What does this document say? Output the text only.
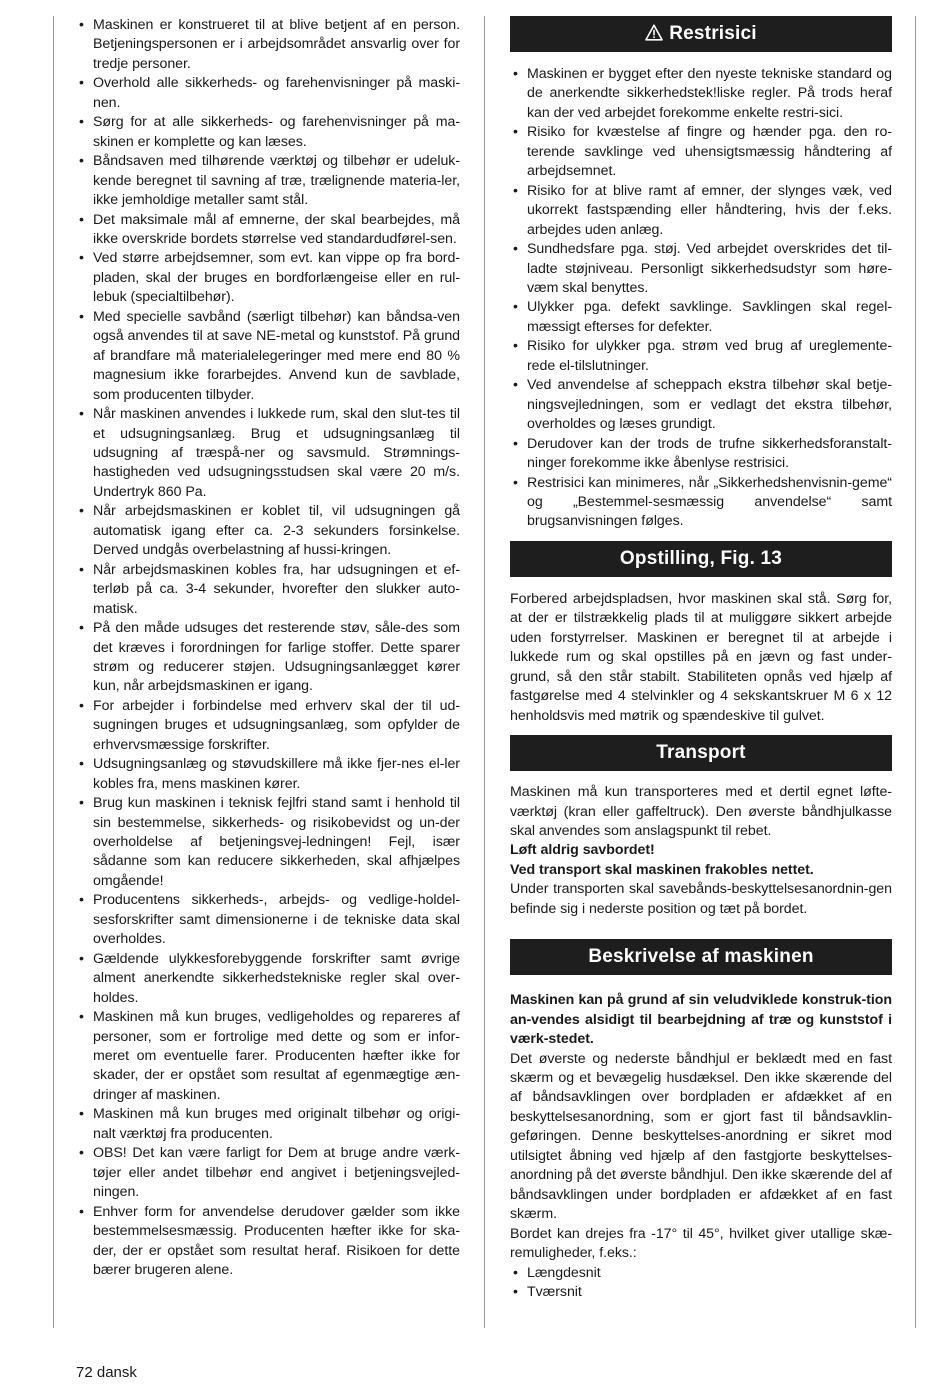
• Maskinen er konstrueret til at blive betjent af en person. Betjeningspersonen er i arbejdsområdet ansvarlig over for tredje personer.
• Overhold alle sikkerheds- og farehenvisninger på maski-nen.
• Sørg for at alle sikkerheds- og farehenvisninger på ma-skinen er komplette og kan læses.
• Båndsaven med tilhørende værktøj og tilbehør er udeluk-kende beregnet til savning af træ, trælignende materia-ler, ikke jemholdige metaller samt stål.
• Det maksimale mål af emnerne, der skal bearbejdes, må ikke overskride bordets størrelse ved standardudførel-sen.
• Ved større arbejdsemner, som evt. kan vippe op fra bord-pladen, skal der bruges en bordforlængeise eller en rul-lebuk (specialtilbehør).
• Med specielle savbånd (særligt tilbehør) kan båndsa-ven også anvendes til at save NE-metal og kunststof. På grund af brandfare må materialelegeringer med mere end 80 % magnesium ikke forarbejdes. Anvend kun de savblade, som producenten tilbyder.
• Når maskinen anvendes i lukkede rum, skal den slut-tes til et udsugningsanlæg. Brug et udsugningsanlæg til udsugning af træspå-ner og savsmuld. Strømnings-hastigheden ved udsugningsstudsen skal være 20 m/s. Undertryk 860 Pa.
• Når arbejdsmaskinen er koblet til, vil udsugningen gå automatisk igang efter ca. 2-3 sekunders forsinkelse. Derved undgås overbelastning af hussi-kringen.
• Når arbejdsmaskinen kobles fra, har udsugningen et ef-terløb på ca. 3-4 sekunder, hvorefter den slukker auto-matisk.
• På den måde udsuges det resterende støv, såle-des som det kræves i forordningen for farlige stoffer. Dette sparer strøm og reducerer støjen. Udsugningsanlægget kører kun, når arbejdsmaskinen er igang.
• For arbejder i forbindelse med erhverv skal der til ud-sugningen bruges et udsugningsanlæg, som opfylder de erhvervsmæssige forskrifter.
• Udsugningsanlæg og støvudskillere må ikke fjer-nes el-ler kobles fra, mens maskinen kører.
• Brug kun maskinen i teknisk fejlfri stand samt i henhold til sin bestemmelse, sikkerheds- og risikobevidst og un-der overholdelse af betjeningsvej-ledningen! Fejl, især sådanne som kan reducere sikkerheden, skal afhjælpes omgående!
• Producentens sikkerheds-, arbejds- og vedlige-holdel-sesforskrifter samt dimensionerne i de tekniske data skal overholdes.
• Gældende ulykkesforebyggende forskrifter samt øvrige alment anerkendte sikkerhedstekniske regler skal over-holdes.
• Maskinen må kun bruges, vedligeholdes og repareres af personer, som er fortrolige med dette og som er infor-meret om eventuelle farer. Producenten hæfter ikke for skader, der er opstået som resultat af egenmægtige æn-dringer af maskinen.
• Maskinen må kun bruges med originalt tilbehør og origi-nalt værktøj fra producenten.
• OBS! Det kan være farligt for Dem at bruge andre værk-tøjer eller andet tilbehør end angivet i betjeningsvejled-ningen.
• Enhver form for anvendelse derudover gælder som ikke bestemmelsesmæssig. Producenten hæfter ikke for ska-der, der er opstået som resultat heraf. Risikoen for dette bærer brugeren alene.
Restrisici
• Maskinen er bygget efter den nyeste tekniske standard og de anerkendte sikkerhedstek!liske regler. På trods heraf kan der ved arbejdet forekomme enkelte restri-sici.
• Risiko for kvæstelse af fingre og hænder pga. den ro-terende savklinge ved uhensigtsmæssig håndtering af arbejdsemnet.
• Risiko for at blive ramt af emner, der slynges væk, ved ukorrekt fastspænding eller håndtering, hvis der f.eks. arbejdes uden anlæg.
• Sundhedsfare pga. støj. Ved arbejdet overskrides det til-ladte støjniveau. Personligt sikkerhedsudstyr som høre-væm skal benyttes.
• Ulykker pga. defekt savklinge. Savklingen skal regel-mæssigt efterses for defekter.
• Risiko for ulykker pga. strøm ved brug af ureglemente-rede el-tilslutninger.
• Ved anvendelse af scheppach ekstra tilbehør skal betje-ningsvejledningen, som er vedlagt det ekstra tilbehør, overholdes og læses grundigt.
• Derudover kan der trods de trufne sikkerhedsforanstalt-ninger forekomme ikke åbenlyse restrisici.
• Restrisici kan minimeres, når „Sikkerhedshenvisnin-geme“ og „Bestemmel-sesmæssig anvendelse“ samt brugsanvisningen følges.
Opstilling, Fig. 13

Forbered arbejdspladsen, hvor maskinen skal stå. Sørg for, at der er tilstrækkelig plads til at muliggøre sikkert arbejde uden forstyrrelser. Maskinen er beregnet til at arbejde i lukkede rum og skal opstilles på en jævn og fast under-grund, så den står stabilt. Stabiliteten opnås ved hjælp af fastgørelse med 4 stelvinkler og 4 sekskantskruer M 6 x 12 henholdsvis med møtrik og spændeskive til gulvet.

Transport

Maskinen må kun transporteres med et dertil egnet løfte-værktøj (kran eller gaffeltruck). Den øverste båndhjulkasse skal anvendes som anslagspunkt til rebet.

Løft aldrig savbordet!

Ved transport skal maskinen frakobles nettet.

Under transporten skal savebånds-beskyttelsesanordnin-gen befinde sig i nederste position og tæt på bordet.

Beskrivelse af maskinen

Maskinen kan på grund af sin veludviklede konstruk-tion an-vendes alsidigt til bearbejdning af træ og kunststof i værk-stedet.

Det øverste og nederste båndhjul er beklædt med en fast skærm og et bevægelig husdæksel. Den ikke skærende del af båndsavklingen over bordpladen er afdækket af en beskyttelsesanordning, som er gjort fast til båndsavklin-geføringen. Denne beskyttelses-anordning er sikret mod utilsigtet åbning ved hjælp af den fastgjorte beskyttelses-anordning på det øverste båndhjul. Den ikke skærende del af båndsavklingen under bordpladen er afdækket af en fast skærm.

Bordet kan drejes fra -17° til 45°, hvilket giver utallige skæ-remuligheder, f.eks.:

• Længdesnit
• Tværsnit
72 dansk
